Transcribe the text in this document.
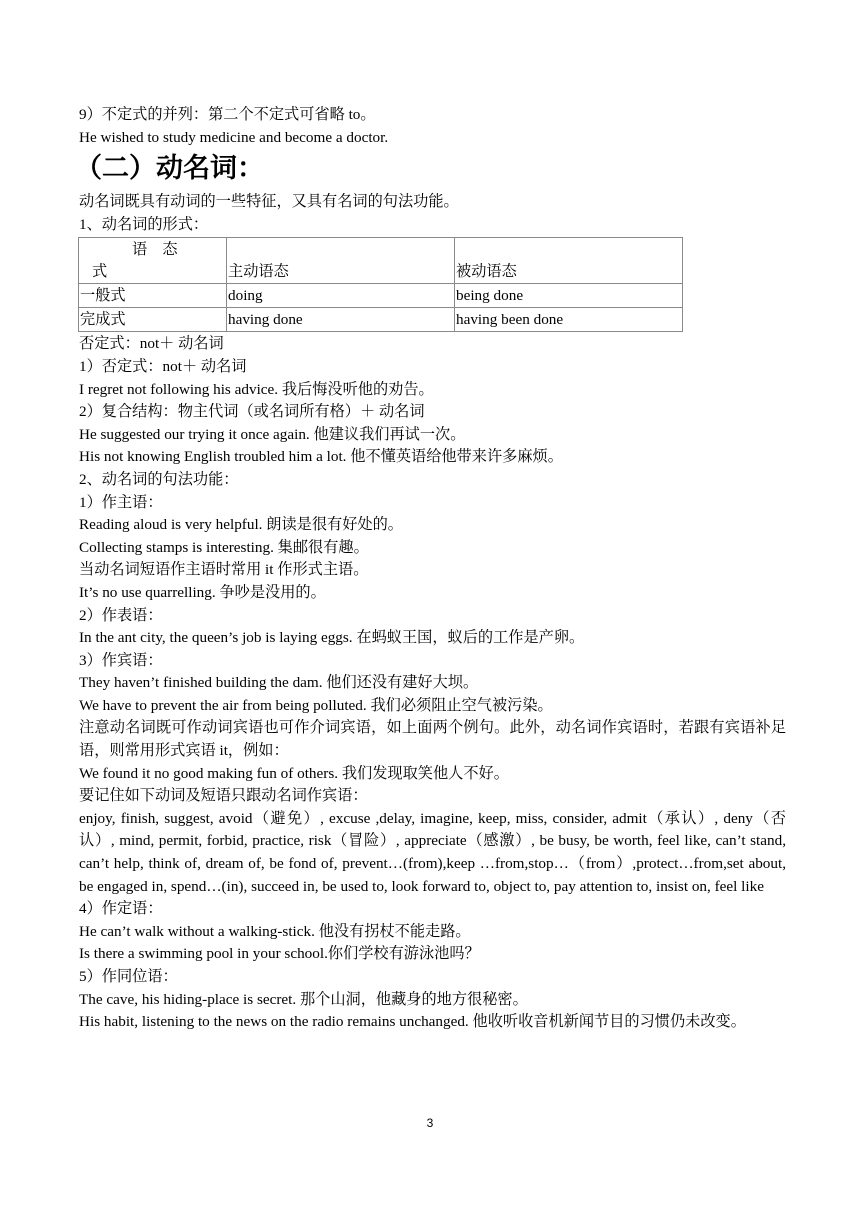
9）不定式的并列：第二个不定式可省略 to。
He wished to study medicine and become a doctor.
（二）动名词：
动名词既具有动词的一些特征，又具有名词的句法功能。
1、动名词的形式：
语　态
式	主动语态	被动语态
一般式	doing	being done
完成式	having done	having been done
否定式：not＋ 动名词
1）否定式：not＋ 动名词
I regret not following his advice. 我后悔没听他的劝告。
2）复合结构：物主代词（或名词所有格）＋ 动名词
He suggested our trying it once again. 他建议我们再试一次。
His not knowing English troubled him a lot. 他不懂英语给他带来许多麻烦。
2、动名词的句法功能：
1）作主语：
Reading aloud is very helpful. 朗读是很有好处的。
Collecting stamps is interesting. 集邮很有趣。
当动名词短语作主语时常用 it 作形式主语。
It’s no use quarrelling. 争吵是没用的。
2）作表语：
In the ant city, the queen’s job is laying eggs. 在蚂蚁王国，蚁后的工作是产卵。
3）作宾语：
They haven’t finished building the dam. 他们还没有建好大坝。
We have to prevent the air from being polluted. 我们必须阻止空气被污染。
注意动名词既可作动词宾语也可作介词宾语，如上面两个例句。此外，动名词作宾语时，若跟有宾语补足语，则常用形式宾语 it，例如：
We found it no good making fun of others. 我们发现取笑他人不好。
要记住如下动词及短语只跟动名词作宾语：
enjoy, finish, suggest, avoid（避免）, excuse ,delay, imagine, keep, miss, consider, admit（承认）, deny（否认）, mind, permit, forbid, practice, risk（冒险）, appreciate（感激）, be busy, be worth, feel like, can’t stand, can’t help, think of, dream of, be fond of, prevent…(from),keep …from,stop…（from）,protect…from,set about, be engaged in, spend…(in), succeed in, be used to, look forward to, object to, pay attention to, insist on, feel like
4）作定语：
He can’t walk without a walking-stick. 他没有拐杖不能走路。
Is there a swimming pool in your school.你们学校有游泳池吗？
5）作同位语：
The cave, his hiding-place is secret. 那个山洞，他藏身的地方很秘密。
His habit, listening to the news on the radio remains unchanged. 他收听收音机新闻节目的习惯仍未改变。
3
